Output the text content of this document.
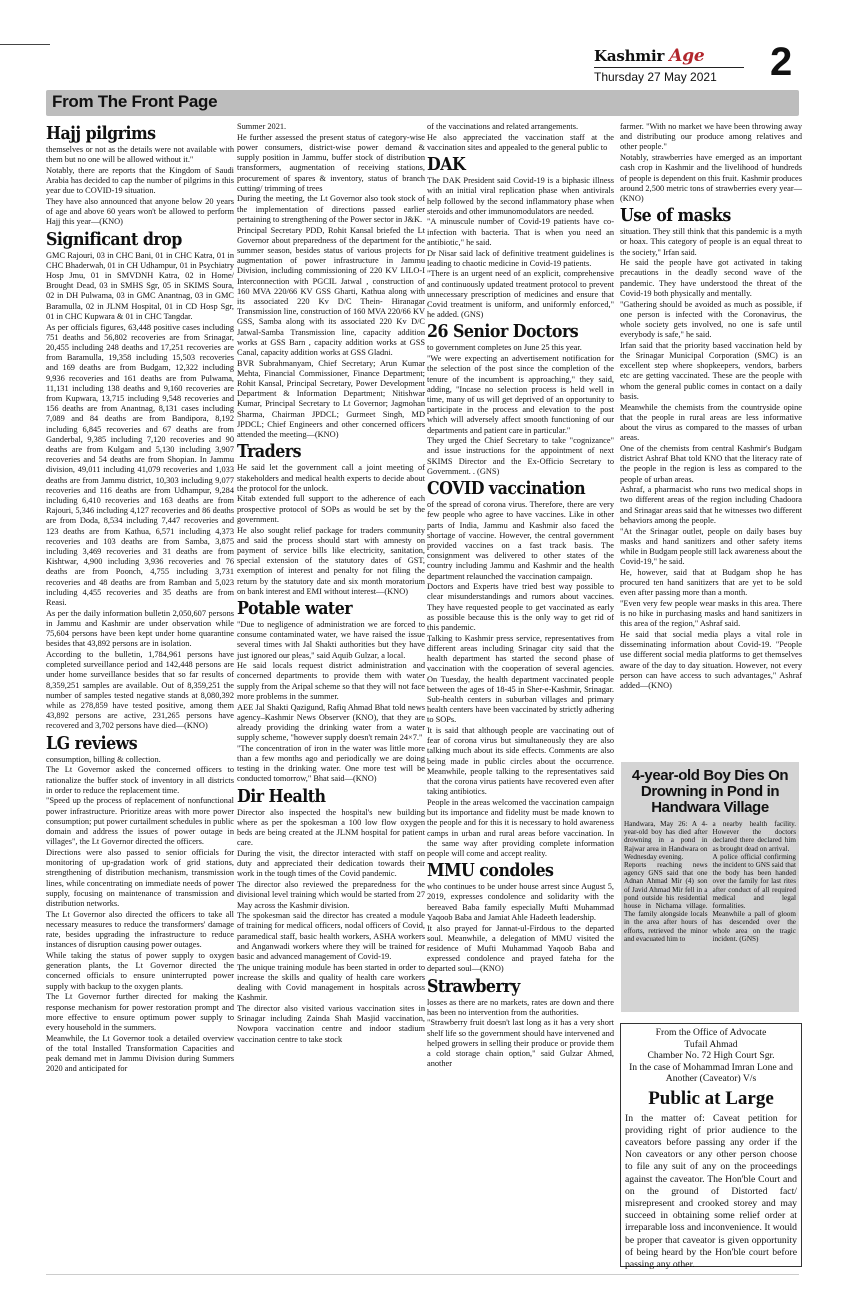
Kashmir Age
Thursday 27 May 2021	2
From The Front Page
Hajj pilgrims

themselves or not as the details were not available with them but no one will be allowed without it."

Notably, there are reports that the Kingdom of Saudi Arabia has decided to cap the number of pilgrims in this year due to COVID-19 situation.

They have also announced that anyone below 20 years of age and above 60 years won't be allowed to perform Hajj this year—(KNO)

Significant drop

GMC Rajouri, 03 in CHC Bani, 01 in CHC Katra, 01 in CHC Bhaderwah, 01 in CH Udhampur, 01 in Psychiatry Hosp Jmu, 01 in SMVDNH Katra, 02 in Home/ Brought Dead, 03 in SMHS Sgr, 05 in SKIMS Soura, 02 in DH Pulwama, 03 in GMC Anantnag, 03 in GMC Baramulla, 02 in JLNM Hospital, 01 in CD Hosp Sgr, 01 in CHC Kupwara & 01 in CHC Tangdar.

As per officials figures, 63,448 positive cases including 751 deaths and 56,802 recoveries are from Srinagar, 20,455 including 248 deaths and 17,251 recoveries are from Baramulla, 19,358 including 15,503 recoveries and 169 deaths are from Budgam, 12,322 including 9,936 recoveries and 161 deaths are from Pulwama, 11,131 including 138 deaths and 9,160 recoveries are from Kupwara, 13,715 including 9,548 recoveries and 156 deaths are from Anantnag, 8,131 cases including 7,089 and 84 deaths are from Bandipora, 8,192 including 6,845 recoveries and 67 deaths are from Ganderbal, 9,385 including 7,120 recoveries and 90 deaths are from Kulgam and 5,130 including 3,907 recoveries and 54 deaths are from Shopian. In Jammu division, 49,011 including 41,079 recoveries and 1,033 deaths are from Jammu district, 10,303 including 9,077 recoveries and 116 deaths are from Udhampur, 9,284 including 6,410 recoveries and 163 deaths are from Rajouri, 5,346 including 4,127 recoveries and 86 deaths are from Doda, 8,534 including 7,447 recoveries and 123 deaths are from Kathua, 6,571 including 4,373 recoveries and 103 deaths are from Samba, 3,875 including 3,469 recoveries and 31 deaths are from Kishtwar, 4,900 including 3,936 recoveries and 76 deaths are from Poonch, 4,755 including 3,731 recoveries and 48 deaths are from Ramban and 5,023 including 4,455 recoveries and 35 deaths are from Reasi.

As per the daily information bulletin 2,050,607 persons in Jammu and Kashmir are under observation while 75,604 persons have been kept under home quarantine besides that 43,892 persons are in isolation.

According to the bulletin, 1,784,961 persons have completed surveillance period and 142,448 persons are under home surveillance besides that so far results of 8,359,251 samples are available. Out of 8,359,251 the number of samples tested negative stands at 8,080,392 while as 278,859 have tested positive, among them 43,892 persons are active, 231,265 persons have recovered and 3,702 persons have died—(KNO)

LG reviews

consumption, billing & collection.

The Lt Governor asked the concerned officers to rationalize the buffer stock of inventory in all districts in order to reduce the replacement time.

"Speed up the process of replacement of nonfunctional power infrastructure. Prioritize areas with more power consumption; put power curtailment schedules in public domain and address the issues of power outage in villages", the Lt Governor directed the officers.

Directions were also passed to senior officials for monitoring of up-gradation work of grid stations, strengthening of distribution mechanism, transmission lines, while concentrating on immediate needs of power supply, focusing on maintenance of transmission and distribution networks.

The Lt Governor also directed the officers to take all necessary measures to reduce the transformers' damage rate, besides upgrading the infrastructure to reduce instances of disruption causing power outages.

While taking the status of power supply to oxygen generation plants, the Lt Governor directed the concerned officials to ensure uninterrupted power supply with backup to the oxygen plants.

The Lt Governor further directed for making the response mechanism for power restoration prompt and more effective to ensure optimum power supply to every household in the summers.

Meanwhile, the Lt Governor took a detailed overview of the total Installed Transformation Capacities and peak demand met in Jammu Division during Summers 2020 and anticipated for

Summer 2021.

He further assessed the present status of category-wise power consumers, district-wise power demand & supply position in Jammu, buffer stock of distribution transformers, augmentation of receiving stations, procurement of spares & inventory, status of branch cutting/ trimming of trees

During the meeting, the Lt Governor also took stock of the implementation of directions passed earlier pertaining to strengthening of the Power sector in J&K.

Principal Secretary PDD, Rohit Kansal briefed the Lt Governor about preparedness of the department for the summer season, besides status of various projects for augmentation of power infrastructure in Jammu Division, including commissioning of 220 KV LILO-I Interconnection with PGCIL Jatwal , construction of 160 MVA 220/66 KV GSS Gharti, Kathua along with its associated 220 Kv D/C Thein- Hiranagar Transmission line, construction of 160 MVA 220/66 KV GSS, Samba along with its associated 220 Kv D/C Jatwal-Samba Transmission line, capacity addition works at GSS Barn , capacity addition works at GSS Canal, capacity addition works at GSS Gladni.

BVR Subrahmanyam, Chief Secretary; Arun Kumar Mehta, Financial Commissioner, Finance Department; Rohit Kansal, Principal Secretary, Power Development Department & Information Department; Nitishwar Kumar, Principal Secretary to Lt Governor; Jagmohan Sharma, Chairman JPDCL; Gurmeet Singh, MD JPDCL; Chief Engineers and other concerned officers attended the meeting—(KNO)

Traders

He said let the government call a joint meeting of stakeholders and medical health experts to decide about the protocol for the unlock.

Kitab extended full support to the adherence of each prospective protocol of SOPs as would be set by the government.

He also sought relief package for traders community and said the process should start with amnesty on payment of service bills like electricity, sanitation, special extension of the statutory dates of GST, exemption of interest and penalty for not filing the return by the statutory date and six month moratorium on bank interest and EMI without interest—(KNO)

Potable water

"Due to negligence of administration we are forced to consume contaminated water, we have raised the issue several times with Jal Shakti authorities but they have just ignored our pleas," said Aquib Gulzar, a local.

He said locals request district administration and concerned departments to provide them with water supply from the Aripal scheme so that they will not face more problems in the summer.

AEE Jal Shakti Qazigund, Rafiq Ahmad Bhat told news agency–Kashmir News Observer (KNO), that they are already providing the drinking water from a water supply scheme, "however supply doesn't remain 24×7."

"The concentration of iron in the water was little more than a few months ago and periodically we are doing testing in the drinking water. One more test will be conducted tomorrow," Bhat said—(KNO)

Dir Health

Director also inspected the hospital's new building where as per the spokesman a 100 low flow oxygen beds are being created at the JLNM hospital for patient care.

During the visit, the director interacted with staff on duty and appreciated their dedication towards their work in the tough times of the Covid pandemic.

The director also reviewed the preparedness for the divisional level training which would be started from 27 May across the Kashmir division.

The spokesman said the director has created a module of training for medical officers, nodal officers of Covid, paramedical staff, basic health workers, ASHA workers and Anganwadi workers where they will be trained for basic and advanced management of Covid-19.

The unique training module has been started in order to increase the skills and quality of health care workers dealing with Covid management in hospitals across Kashmir.

The director also visited various vaccination sites in Srinagar including Zainda Shah Masjid vaccination, Nowpora vaccination centre and indoor stadium vaccination centre to take stock

of the vaccinations and related arrangements.

He also appreciated the vaccination staff at the vaccination sites and appealed to the general public to

DAK

The DAK President said Covid-19 is a biphasic illness with an initial viral replication phase when antivirals help followed by the second inflammatory phase when steroids and other immunomodulators are needed.

"A minuscule number of Covid-19 patients have co-infection with bacteria. That is when you need an antibiotic," he said.

Dr Nisar said lack of definitive treatment guidelines is leading to chaotic medicine in Covid-19 patients.

"There is an urgent need of an explicit, comprehensive and continuously updated treatment protocol to prevent unnecessary prescription of medicines and ensure that Covid treatment is uniform, and uniformly enforced," he added. (GNS)

26 Senior Doctors

to government completes on June 25 this year.

"We were expecting an advertisement notification for the selection of the post since the completion of the tenure of the incumbent is approaching," they said, adding, "Incase no selection process is held well in time, many of us will get deprived of an opportunity to participate in the process and elevation to the post which will adversely affect smooth functioning of our departments and patient care in particular."

They urged the Chief Secretary to take "cognizance" and issue instructions for the appointment of next SKIMS Director and the Ex-Officio Secretary to Government. . (GNS)

COVID vaccination

of the spread of corona virus. Therefore, there are very few people who agree to have vaccines. Like in other parts of India, Jammu and Kashmir also faced the shortage of vaccine. However, the central government provided vaccines on a fast track basis. The consignment was delivered to other states of the country including Jammu and Kashmir and the health department relaunched the vaccination campaign.

Doctors and Experts have tried best way possible to clear misunderstandings and rumors about vaccines. They have requested people to get vaccinated as early as possible because this is the only way to get rid of this pandemic.

Talking to Kashmir press service, representatives from different areas including Srinagar city said that the health department has started the second phase of vaccination with the cooperation of several agencies. On Tuesday, the health department vaccinated people between the ages of 18-45 in Sher-e-Kashmir, Srinagar. Sub-health centers in suburban villages and primary health centers have been vaccinated by strictly adhering to SOPs.

It is said that although people are vaccinating out of fear of corona virus but simultaneously they are also talking much about its side effects. Comments are also being made in public circles about the occurrence. Meanwhile, people talking to the representatives said that the corona virus patients have recovered even after taking antibiotics.

People in the areas welcomed the vaccination campaign but its importance and fidelity must be made known to the people and for this it is necessary to hold awareness camps in urban and rural areas before vaccination. In the same way after providing complete information people will come and accept reality.

MMU condoles

who continues to be under house arrest since August 5, 2019, expresses condolence and solidarity with the bereaved Baba family especially Mufti Muhammad Yaqoob Baba and Jamiat Ahle Hadeeth leadership.

It also prayed for Jannat-ul-Firdous to the departed soul. Meanwhile, a delegation of MMU visited the residence of Mufti Muhammad Yaqoob Baba and expressed condolence and prayed fateha for the departed soul—(KNO)

Strawberry

losses as there are no markets, rates are down and there has been no intervention from the authorities.

"Strawberry fruit doesn't last long as it has a very short shelf life so the government should have intervened and helped growers in selling their produce or provide them a cold storage chain option," said Gulzar Ahmed, another

farmer. "With no market we have been throwing away and distributing our produce among relatives and other people."

Notably, strawberries have emerged as an important cash crop in Kashmir and the livelihood of hundreds of people is dependent on this fruit. Kashmir produces around 2,500 metric tons of strawberries every year—(KNO)

Use of masks

situation. They still think that this pandemic is a myth or hoax. This category of people is an equal threat to the society," Irfan said.

He said the people have got activated in taking precautions in the deadly second wave of the pandemic. They have understood the threat of the Covid-19 both physically and mentally.

"Gathering should be avoided as much as possible, if one person is infected with the Coronavirus, the whole society gets involved, no one is safe until everybody is safe," he said.

Irfan said that the priority based vaccination held by the Srinagar Municipal Corporation (SMC) is an excellent step where shopkeepers, vendors, barbers etc are getting vaccinated. These are the people with whom the general public comes in contact on a daily basis.

Meanwhile the chemists from the countryside opine that the people in rural areas are less informative about the virus as compared to the masses of urban areas.

One of the chemists from central Kashmir's Budgam district Ashraf Bhat told KNO that the literacy rate of the people in the region is less as compared to the people of urban areas.

Ashraf, a pharmacist who runs two medical shops in two different areas of the region including Chadoora and Srinagar areas said that he witnesses two different behaviors among the people.

"At the Srinagar outlet, people on daily bases buy masks and hand sanitizers and other safety items while in Budgam people still lack awareness about the Covid-19," he said.

He, however, said that at Budgam shop he has procured ten hand sanitizers that are yet to be sold even after passing more than a month.

"Even very few people wear masks in this area. There is no hike in purchasing masks and hand sanitizers in this area of the region," Ashraf said.

He said that social media plays a vital role in disseminating information about Covid-19. "People use different social media platforms to get themselves aware of the day to day situation. However, not every person can have access to such advantages," Ashraf added—(KNO)

4-year-old Boy Dies On Drowning in Pond in Handwara Village

Handwara, May 26: A 4-year-old boy has died after drowning in a pond in Rajwar area in Handwara on Wednesday evening.

Reports reaching news agency GNS said that one Adnan Ahmad Mir (4) son of Javid Ahmad Mir fell in a pond outside his residential house in Nichama village. The family alongside locals in the area after hours of efforts, retrieved the minor and evacuated him to

a nearby health facility. However the doctors declared there declared him as brought dead on arrival.

A police official confirming the incident to GNS said that the body has been handed over the family for last rites after conduct of all required medical and legal formalities.

Meanwhile a pall of gloom has descended over the whole area on the tragic incident. (GNS)

From the Office of Advocate
Tufail Ahmad
Chamber No. 72 High Court Sgr.
In the case of Mohammad Imran Lone and
Another (Caveator) V/s
Public at Large
In the matter of: Caveat petition for providing right of prior audience to the caveators before passing any order if the Non caveators or any other person choose to file any suit of any on the proceedings against the caveator. The Hon'ble Court and on the ground of Distorted fact/ misrepresent and crooked storey and may succeed in obtaining some relief order at irreparable loss and inconvenience. It would be proper that caveator is given opportunity of being heard by the Hon'ble court before passing any other.
